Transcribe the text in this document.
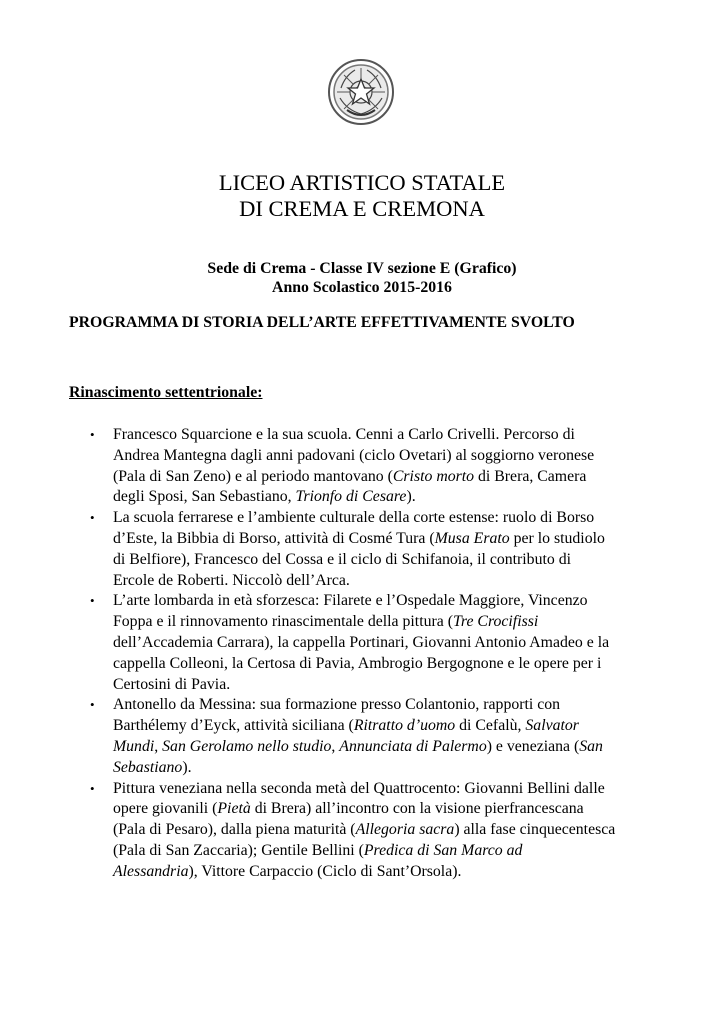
LICEO ARTISTICO STATALE
DI CREMA E CREMONA
Sede di Crema - Classe IV sezione E (Grafico)
Anno Scolastico 2015-2016
PROGRAMMA DI STORIA DELL’ARTE EFFETTIVAMENTE SVOLTO
Rinascimento settentrionale:
• Francesco Squarcione e la sua scuola. Cenni a Carlo Crivelli. Percorso di
Andrea Mantegna dagli anni padovani (ciclo Ovetari) al soggiorno veronese
(Pala di San Zeno) e al periodo mantovano (Cristo morto di Brera, Camera
degli Sposi, San Sebastiano, Trionfo di Cesare).
• La scuola ferrarese e l’ambiente culturale della corte estense: ruolo di Borso
d’Este, la Bibbia di Borso, attività di Cosmé Tura (Musa Erato per lo studiolo
di Belfiore), Francesco del Cossa e il ciclo di Schifanoia, il contributo di
Ercole de Roberti. Niccolò dell’Arca.
• L’arte lombarda in età sforzesca: Filarete e l’Ospedale Maggiore, Vincenzo
Foppa e il rinnovamento rinascimentale della pittura (Tre Crocifissi
dell’Accademia Carrara), la cappella Portinari, Giovanni Antonio Amadeo e la
cappella Colleoni, la Certosa di Pavia, Ambrogio Bergognone e le opere per i
Certosini di Pavia.
• Antonello da Messina: sua formazione presso Colantonio, rapporti con
Barthélemy d’Eyck, attività siciliana (Ritratto d’uomo di Cefalù, Salvator
Mundi, San Gerolamo nello studio, Annunciata di Palermo) e veneziana (San
Sebastiano).
• Pittura veneziana nella seconda metà del Quattrocento: Giovanni Bellini dalle
opere giovanili (Pietà di Brera) all’incontro con la visione pierfrancescana
(Pala di Pesaro), dalla piena maturità (Allegoria sacra) alla fase cinquecentesca
(Pala di San Zaccaria); Gentile Bellini (Predica di San Marco ad
Alessandria), Vittore Carpaccio (Ciclo di Sant’Orsola).
